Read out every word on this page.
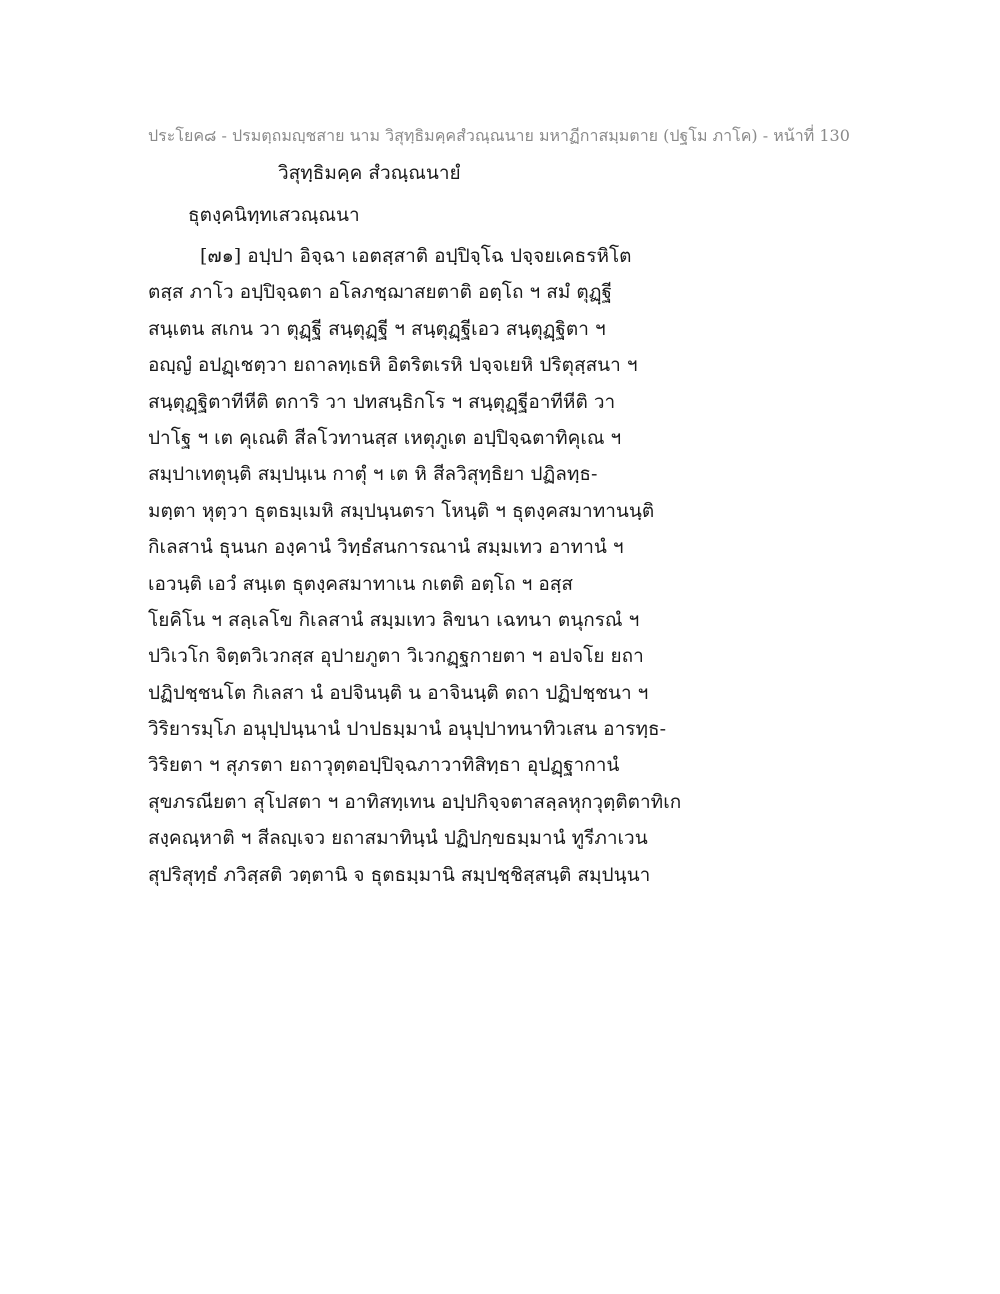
ประโยค๘ - ปรมตฺถมญฺชสาย นาม วิสุทฺธิมคฺคสํวณฺณนาย มหาฏีกาสมฺมตาย (ปฐโม ภาโค) - หน้าที่ 130
วิสุทฺธิมคฺค สํวณฺณนายํ
ธุตงฺคนิทฺทเสวณฺณนา
[๗๑] อปฺปา อิจฺฉา เอตสฺสาติ อปฺปิจฺโฉ ปจฺจยเคธรหิโต
ตสฺส ภาโว อปฺปิจฺฉตา อโลภชฺฌาสยตาติ อตฺโถ ฯ สมํ ตุฏฺฐี
สนฺเตน สเกน วา ตุฏฺฐี สนฺตุฏฺฐี ฯ สนฺตุฏฺฐีเอว สนฺตุฏฺฐิตา ฯ
อญฺญํ อปฏฺเชตฺวา ยถาลทฺเธหิ อิตริตเรหิ ปจฺจเยหิ ปริตุสฺสนา ฯ
สนฺตุฏฺฐิตาทีหีติ ตการิ วา ปทสนฺธิกโร ฯ สนฺตุฏฺฐีอาทีหีติ วา
ปาโฐ ฯ เต คุเณติ สีลโวทานสฺส เหตุภูเต อปฺปิจฺฉตาทิคุเณ ฯ
สมฺปาเทตุนฺติ สมฺปนฺเน กาตุํ ฯ เต หิ สีลวิสุทฺธิยา ปฏิลทฺธ-
มตฺตา หุตฺวา ธุตธมฺเมหิ สมฺปนฺนตรา โหนฺติ ฯ ธุตงฺคสมาทานนฺติ
กิเลสานํ ธุนนก องฺคานํ วิทฺธํสนการณานํ สมฺมเทว อาทานํ ฯ
เอวนฺติ เอวํ สนฺเต ธุตงฺคสมาทาเน กเตติ อตฺโถ ฯ อสฺส
โยคิโน ฯ สลฺเลโข กิเลสานํ สมฺมเทว ลิขนา เฉทนา ตนุกรณํ ฯ
ปวิเวโก จิตฺตวิเวกสฺส อุปายภูตา วิเวกฏฺฐกายตา ฯ อปจโย ยถา
ปฏิปชฺชนโต กิเลสา นํ อปจินนฺติ น อาจินนฺติ ตถา ปฏิปชฺชนา ฯ
วิริยารมฺโภ อนุปฺปนฺนานํ ปาปธมฺมานํ อนุปฺปาทนาทิวเสน อารทฺธ-
วิริยตา ฯ สุภรตา ยถาวุตฺตอปฺปิจฺฉภาวาทิสิทฺธา อุปฏฺฐากานํ
สุขภรณียตา สุโปสตา ฯ อาทิสทฺเทน อปฺปกิจฺจตาสลฺลหุกวุตฺติตาทิเก
สงฺคณฺหาติ ฯ สีลญฺเจว ยถาสมาทินฺนํ ปฏิปกฺขธมฺมานํ ทูรีภาเวน
สุปริสุทฺธํ ภวิสฺสติ วตฺตานิ จ ธุตธมฺมานิ สมฺปชฺชิสฺสนฺติ สมฺปนฺนา
